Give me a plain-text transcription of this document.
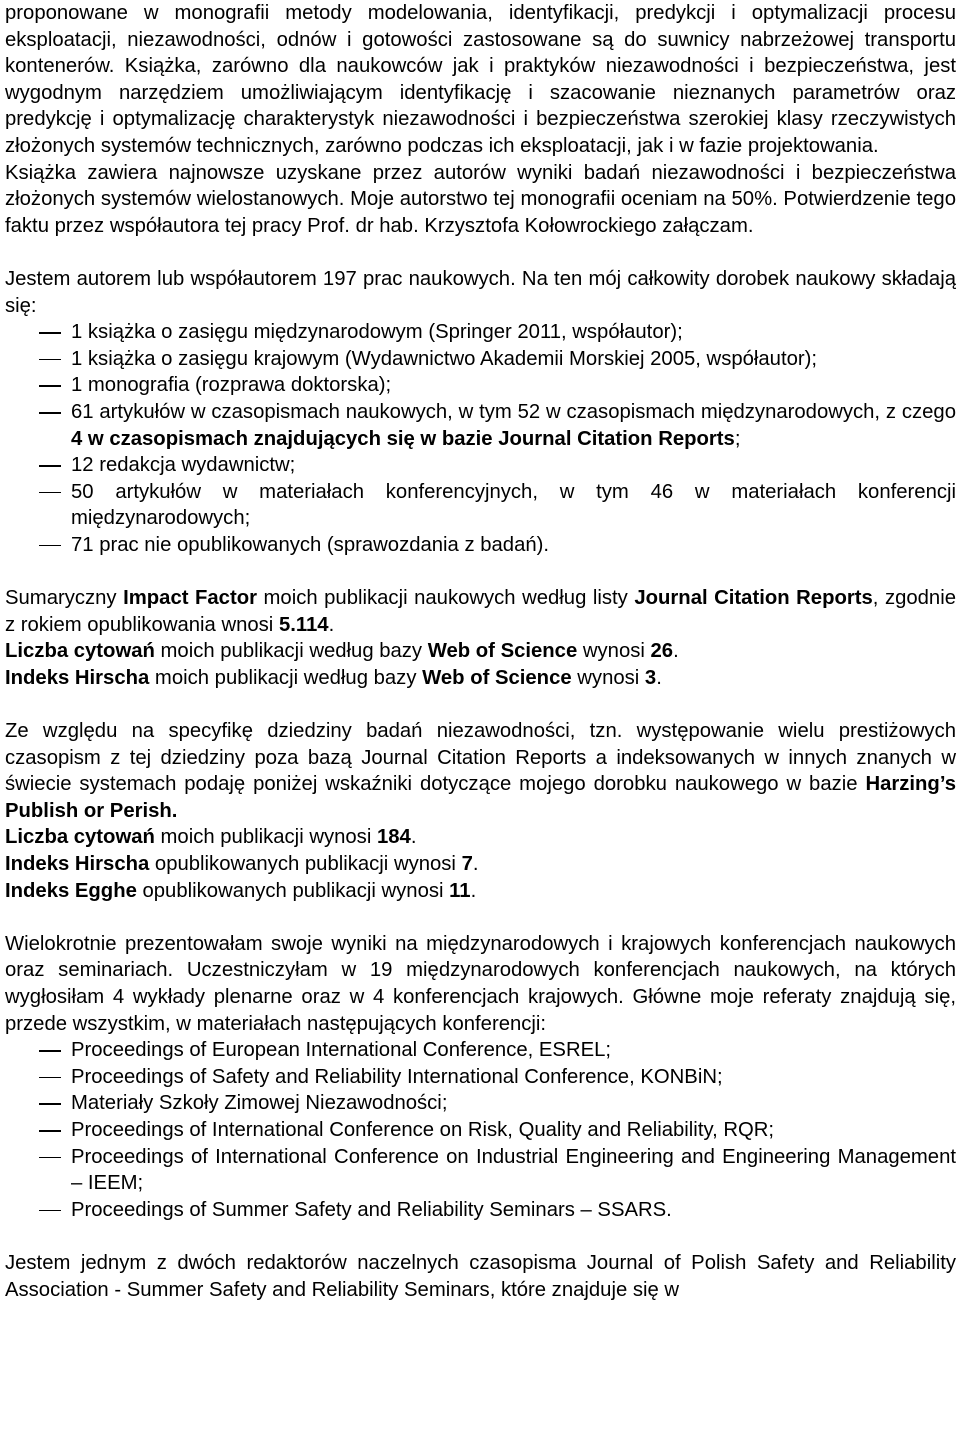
proponowane w monografii metody modelowania, identyfikacji, predykcji i optymalizacji procesu eksploatacji, niezawodności, odnów i gotowości zastosowane są do suwnicy nabrzeżowej transportu kontenerów. Książka, zarówno dla naukowców jak i praktyków niezawodności i bezpieczeństwa, jest wygodnym narzędziem umożliwiającym identyfikację i szacowanie nieznanych parametrów oraz predykcję i optymalizację charakterystyk niezawodności i bezpieczeństwa szerokiej klasy rzeczywistych złożonych systemów technicznych, zarówno podczas ich eksploatacji, jak i w fazie projektowania.

Książka zawiera najnowsze uzyskane przez autorów wyniki badań niezawodności i bezpieczeństwa złożonych systemów wielostanowych. Moje autorstwo tej monografii oceniam na 50%. Potwierdzenie tego faktu przez współautora tej pracy Prof. dr hab. Krzysztofa Kołowrockiego załączam.

Jestem autorem lub współautorem 197 prac naukowych. Na ten mój całkowity dorobek naukowy składają się:

1 książka o zasięgu międzynarodowym (Springer 2011, współautor);
1 książka o zasięgu krajowym (Wydawnictwo Akademii Morskiej 2005, współautor);
1 monografia (rozprawa doktorska);
61 artykułów w czasopismach naukowych, w tym 52 w czasopismach międzynarodowych, z czego 4 w czasopismach znajdujących się w bazie Journal Citation Reports;
12 redakcja wydawnictw;
50 artykułów w materiałach konferencyjnych, w tym 46 w materiałach konferencji międzynarodowych;
71 prac nie opublikowanych (sprawozdania z badań).

Sumaryczny Impact Factor moich publikacji naukowych według listy Journal Citation Reports, zgodnie z rokiem opublikowania wnosi 5.114.

Liczba cytowań moich publikacji według bazy Web of Science wynosi 26.

Indeks Hirscha moich publikacji według bazy Web of Science wynosi 3.

Ze względu na specyfikę dziedziny badań niezawodności, tzn. występowanie wielu prestiżowych czasopism z tej dziedziny poza bazą Journal Citation Reports a indeksowanych w innych znanych w świecie systemach podaję poniżej wskaźniki dotyczące mojego dorobku naukowego w bazie Harzing’s Publish or Perish.

Liczba cytowań moich publikacji wynosi 184.

Indeks Hirscha opublikowanych publikacji wynosi 7.

Indeks Egghe opublikowanych publikacji wynosi 11.

Wielokrotnie prezentowałam swoje wyniki na międzynarodowych i krajowych konferencjach naukowych oraz seminariach. Uczestniczyłam w 19 międzynarodowych konferencjach naukowych, na których wygłosiłam 4 wykłady plenarne oraz w 4 konferencjach krajowych. Główne moje referaty znajdują się, przede wszystkim, w materiałach następujących konferencji:

Proceedings of European International Conference, ESREL;
Proceedings of Safety and Reliability International Conference, KONBiN;
Materiały Szkoły Zimowej Niezawodności;
Proceedings of International Conference on Risk, Quality and Reliability, RQR;
Proceedings of International Conference on Industrial Engineering and Engineering Management – IEEM;
Proceedings of Summer Safety and Reliability Seminars – SSARS.

Jestem jednym z dwóch redaktorów naczelnych czasopisma Journal of Polish Safety and Reliability Association - Summer Safety and Reliability Seminars, które znajduje się w
